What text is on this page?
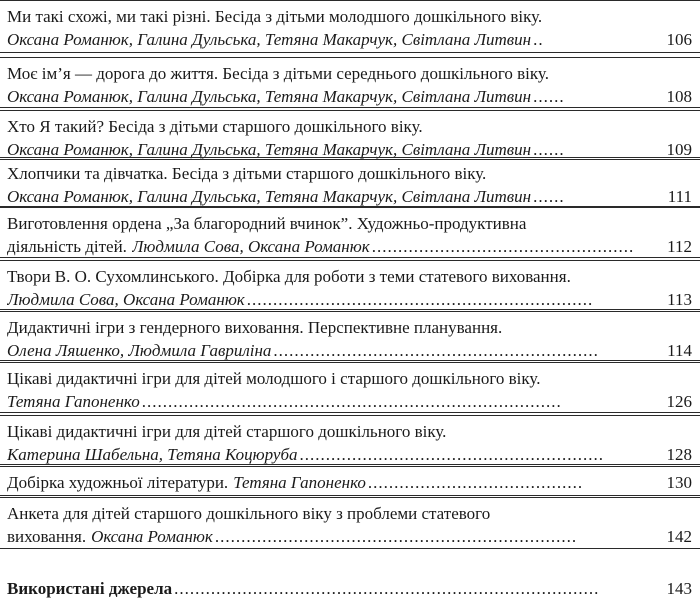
Ми такі схожі, ми такі різні. Бесіда з дітьми молодшого дошкільного віку.
Оксана Романюк, Галина Дульська, Тетяна Макарчук, Світлана Литвин ..	106
Моє ім’я — дорога до життя. Бесіда з дітьми середнього дошкільного віку.
Оксана Романюк, Галина Дульська, Тетяна Макарчук, Світлана Литвин ......	108
Хто Я такий? Бесіда з дітьми старшого дошкільного віку.
Оксана Романюк, Галина Дульська, Тетяна Макарчук, Світлана Литвин ......	109
Хлопчики та дівчатка. Бесіда з дітьми старшого дошкільного віку.
Оксана Романюк, Галина Дульська, Тетяна Макарчук, Світлана Литвин ......	111
Виготовлення ордена „За благородний вчинок”. Художньо-продуктивна
діяльність дітей. Людмила Сова, Оксана Романюк ..................................................	112
Твори В. О. Сухомлинського. Добірка для роботи з теми статевого виховання.
Людмила Сова, Оксана Романюк ..................................................................	113
Дидактичні ігри з гендерного виховання. Перспективне планування.
Олена Ляшенко, Людмила Гавриліна ..............................................................	114
Цікаві дидактичні ігри для дітей молодшого і старшого дошкільного віку.
Тетяна Гапоненко ................................................................................	126
Цікаві дидактичні ігри для дітей старшого дошкільного віку.
Катерина Шабельна, Тетяна Коцюруба ..........................................................	128
Добірка художньої літератури. Тетяна Гапоненко .........................................	130
Анкета для дітей старшого дошкільного віку з проблеми статевого
виховання. Оксана Романюк .....................................................................	142
Використані джерела .................................................................................	143
